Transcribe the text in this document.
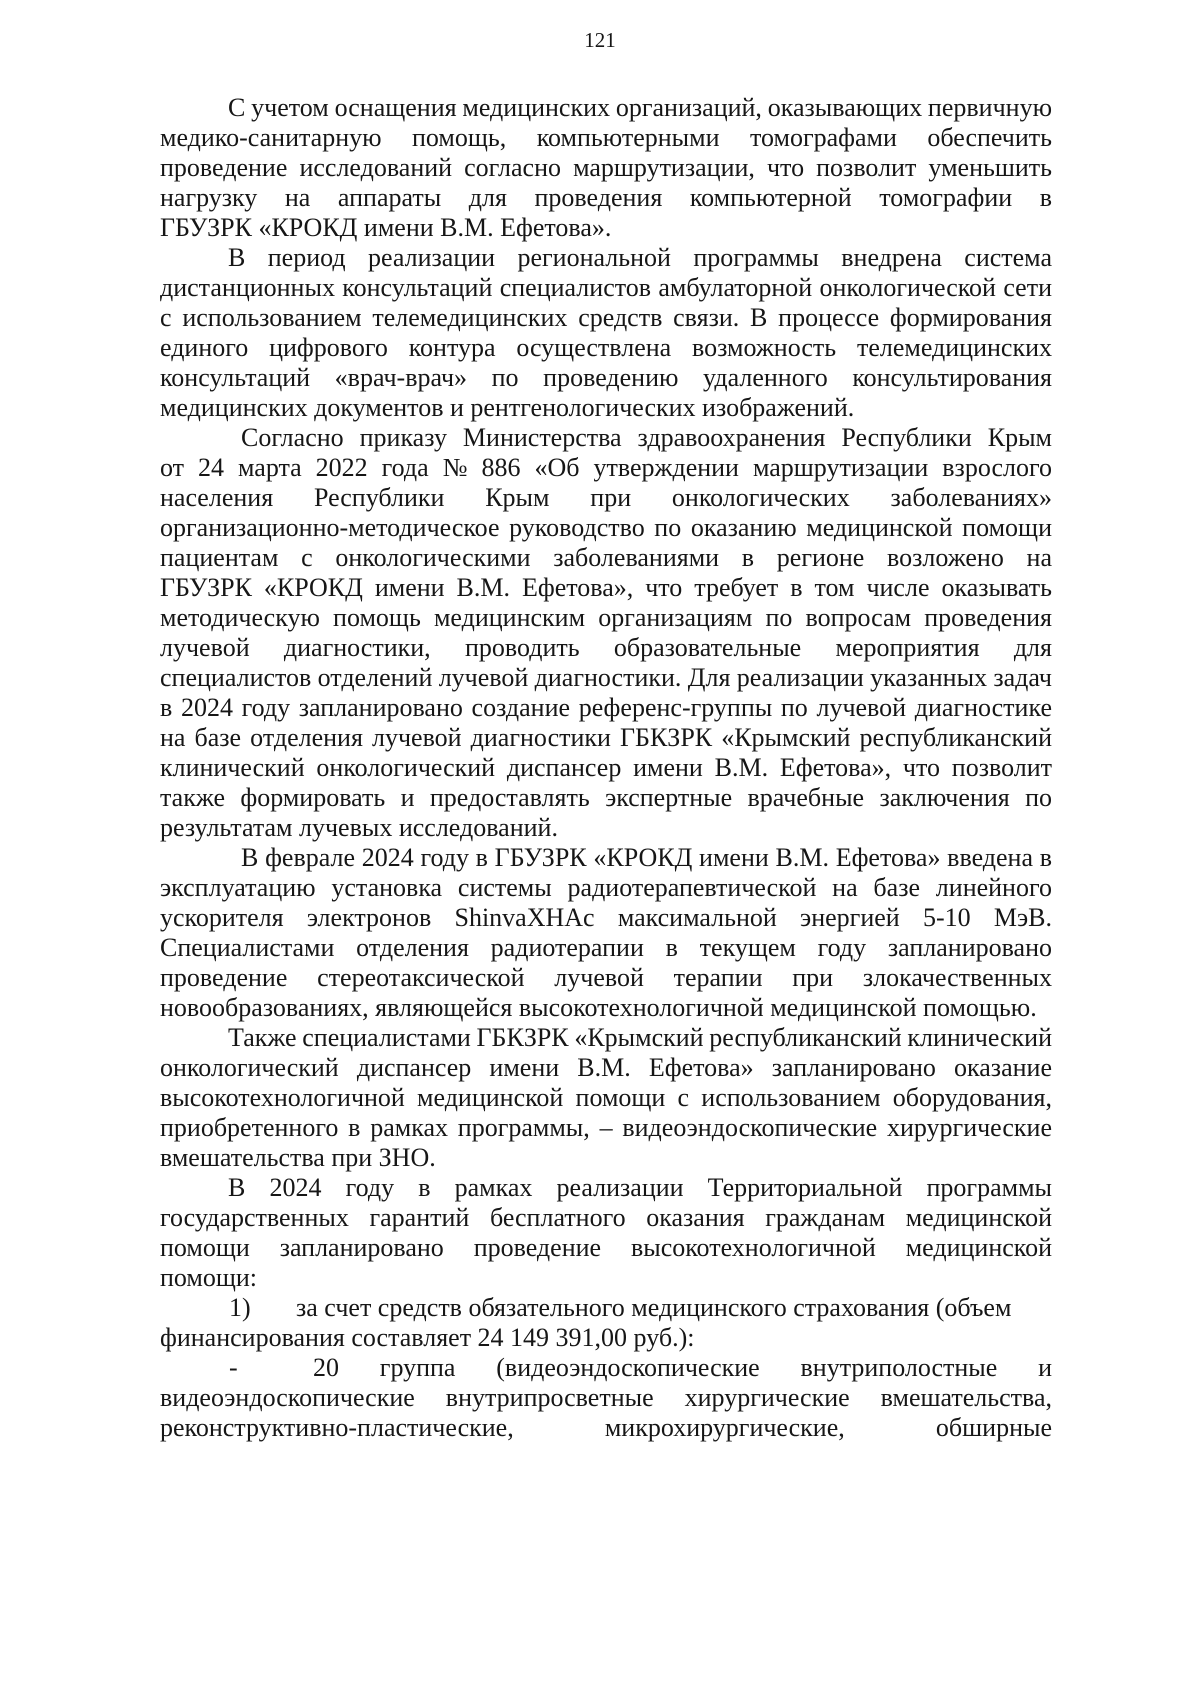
121
С учетом оснащения медицинских организаций, оказывающих первичную
медико-санитарную помощь, компьютерными томографами обеспечить
проведение исследований согласно маршрутизации, что позволит уменьшить
нагрузку на аппараты для проведения компьютерной томографии в
ГБУЗРК «КРОКД имени В.М. Ефетова».
В период реализации региональной программы внедрена система
дистанционных консультаций специалистов амбулаторной онкологической сети
с использованием телемедицинских средств связи. В процессе формирования
единого цифрового контура осуществлена возможность телемедицинских
консультаций «врач-врач» по проведению удаленного консультирования
медицинских документов и рентгенологических изображений.
Согласно приказу Министерства здравоохранения Республики Крым
от 24 марта 2022 года № 886 «Об утверждении маршрутизации взрослого
населения Республики Крым при онкологических заболеваниях»
организационно-методическое руководство по оказанию медицинской помощи
пациентам с онкологическими заболеваниями в регионе возложено на
ГБУЗРК «КРОКД имени В.М. Ефетова», что требует в том числе оказывать
методическую помощь медицинским организациям по вопросам проведения
лучевой диагностики, проводить образовательные мероприятия для
специалистов отделений лучевой диагностики. Для реализации указанных задач
в 2024 году запланировано создание референс-группы по лучевой диагностике
на базе отделения лучевой диагностики ГБКЗРК «Крымский республиканский
клинический онкологический диспансер имени В.М. Ефетова», что позволит
также формировать и предоставлять экспертные врачебные заключения по
результатам лучевых исследований.
В феврале 2024 году в ГБУЗРК «КРОКД имени В.М. Ефетова» введена в
эксплуатацию установка системы радиотерапевтической на базе линейного
ускорителя электронов ShinvaXHAc максимальной энергией 5-10 МэВ.
Специалистами отделения радиотерапии в текущем году запланировано
проведение стереотаксической лучевой терапии при злокачественных
новообразованиях, являющейся высокотехнологичной медицинской помощью.
Также специалистами ГБКЗРК «Крымский республиканский клинический
онкологический диспансер имени В.М. Ефетова» запланировано оказание
высокотехнологичной медицинской помощи с использованием оборудования,
приобретенного в рамках программы, – видеоэндоскопические хирургические
вмешательства при ЗНО.
В 2024 году в рамках реализации Территориальной программы
государственных гарантий бесплатного оказания гражданам медицинской
помощи запланировано проведение высокотехнологичной медицинской
помощи:
1) за счет средств обязательного медицинского страхования (объем
финансирования составляет 24 149 391,00 руб.):
-	20 группа (видеоэндоскопические внутриполостные и
видеоэндоскопические внутрипросветные хирургические вмешательства,
реконструктивно-пластические, микрохирургические, обширные
